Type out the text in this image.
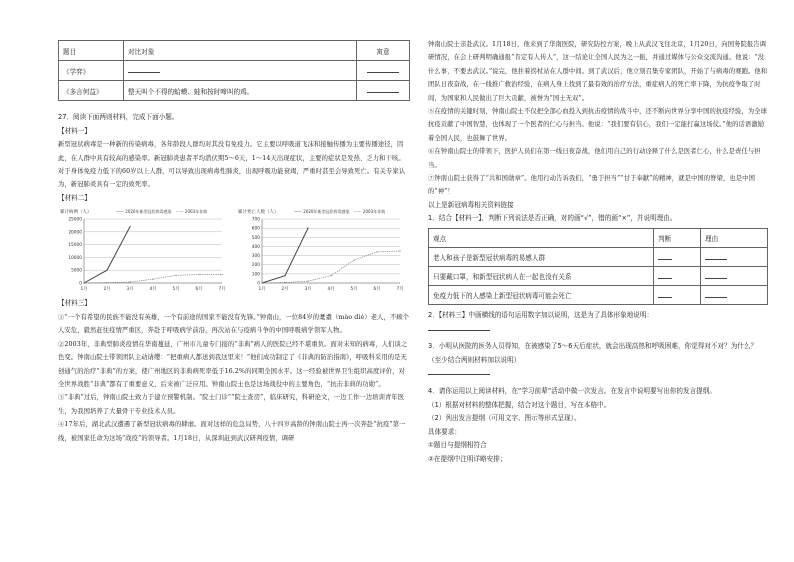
题目	对比对象	寓意
《学弈》		
《多言何益》	整天叫个不得的蛤蟆、蛙和按时啼叫的鸡。	

27．阅读下面两则材料，完成下面小题。

【材料一】

新型冠状病毒是一种新的传染病毒，各年龄段人群均对其没有免疫力。它主要以呼吸道飞沫和接触传播为主要传播途径，因此，在人群中具有较高的感染率。新冠肺炎患者平均潜伏期5～6天，1～14天出现症状，主要的症状是发热、乏力和干咳。对于身体免疫力低下的60岁以上人群，可以导致出现病毒性肺炎，出现呼吸功能衰竭，严重时甚至会导致死亡。有关专家认为，新冠肺炎具有一定的致死率。

【材料二】

累计病例（人）	—— 2020年新型冠状病毒感染 ······ 2003年非典
25000
20000
15000
10000
5000
0
1月	2月	3月	4月	5月	6月	7月
累计死亡人数（人）	—— 2020年新型冠状病毒感染 ······ 2003年非典
700
600
500
400
300
200
100
0
1月	2月	3月	4月	5月	6月	7月

【材料三】

①“一个有希望的民族不能没有英雄，一个有前途的国家不能没有先锋。”钟南山，一位84岁的耄耋（mào dié）老人，不顾个人安危，毅然赶往疫情严重区，奔赴于呼吸病学前沿，再次站在与疫病斗争的中国呼吸病学领军人物。

②2003年，非典型肺炎疫情在华南蔓延，广州市儿童专门接的“非典”病人的医院已经不堪重负。面对未知的病毒，人们谈之色变。钟南山院士带领团队主动请缨：“把重病人都送到我这里来！”他们成功制定了《非典的防治指南》，呼吸科采用的是无创通气的治疗“非典”的方案，使广州地区的非典病死率低于16.2%的同期全国水平。这一经验被世界卫生组织高度评价，对全世界战胜“非典”都有了重要意义，后来被广泛应用。钟南山院士也是这场战役中的主要角色，“抗击非典的功勋”。

③“非典”过后，钟南山院士致力于建立预警机制。“院士门诊”“院士查房”，临床研究，科研论文，一边工作一边培训青年医生，为我国培养了大量骨干专业技术人员。

④17年后，湖北武汉遭遇了新型冠状病毒的肆虐。面对这样的危急局势，八十四岁高龄的钟南山院士再一次奔赴“抗疫”第一线，被国家任命为这场“战疫”的领导者。1月18日，从深圳赶到武汉研判疫情，调研

钟南山院士亲赴武汉。1月18日，他来到了华南医院，研究防控方案，晚上从武汉飞往北京，1月20日，向国务院报告调研情况，在会上研判明确通报“肯定有人传人”，这一结论让全国人民为之一振，并通过媒体与公众交流沟通。他说：“没什么事，不要去武汉。”说完，他拄着拐杖站在人群中间。到了武汉后，他立刻召集专家团队，开始了与病毒的赛跑。他和团队日夜奋战，在一线推广救治经验，在病人身上找到了最有效的治疗方法，重症病人的死亡率下降，为抗疫争取了时间，为国家和人民做出了巨大贡献，被誉为“国士无双”。

⑤在疫情的关键时刻，钟南山院士不仅把全部心血投入到抗击疫情的战斗中，还不断向世界分享中国的抗疫经验，为全球抗疫贡献了中国智慧，也体现了一个医者的仁心与担当。他说：“我们要有信心，我们一定能打赢这场仗。”他的话语激励着全国人民，也鼓舞了世界。

⑥在钟南山院士的带领下，医护人员们在第一线日夜奋战，他们用自己的行动诠释了什么是医者仁心，什么是责任与担当。

⑦钟南山院士获得了“共和国勋章”。他用行动告诉我们，“勇于担当”“甘于奉献”的精神，就是中国的脊梁，也是中国的“神”！

以上是新冠病毒相关资料链接

1．结合【材料一】，判断下列说法是否正确，对的画“√”，错的画“×”，并说明理由。

观点	判断	理由
老人和孩子是新型冠状病毒的易感人群		
只要戴口罩，和新型冠状病人在一起也没有关系		
免疫力低下的人感染上新型冠状病毒可能会死亡		

2．【材料三】中画横线的语句运用数字加以说明，这是为了具体形象地说明：

3．小明从医院的医务人员得知，在被感染了5～6天后症状，就会出现高热和呼吸困难，你觉得对不对？为什么？（至少结合两则材料加以说明）

4．请你运用以上阅读材料，在“学习前辈”活动中做一次发言。在发言中说明要写出你的发言提纲。

（1）根据对材料的整体把握，结合对这个题目，写在本格中。

（2）列出发言提纲（可用文字、图示等形式呈现）。

具体要求：

①题目与提纲相符合

②在提纲中注明详略安排；
